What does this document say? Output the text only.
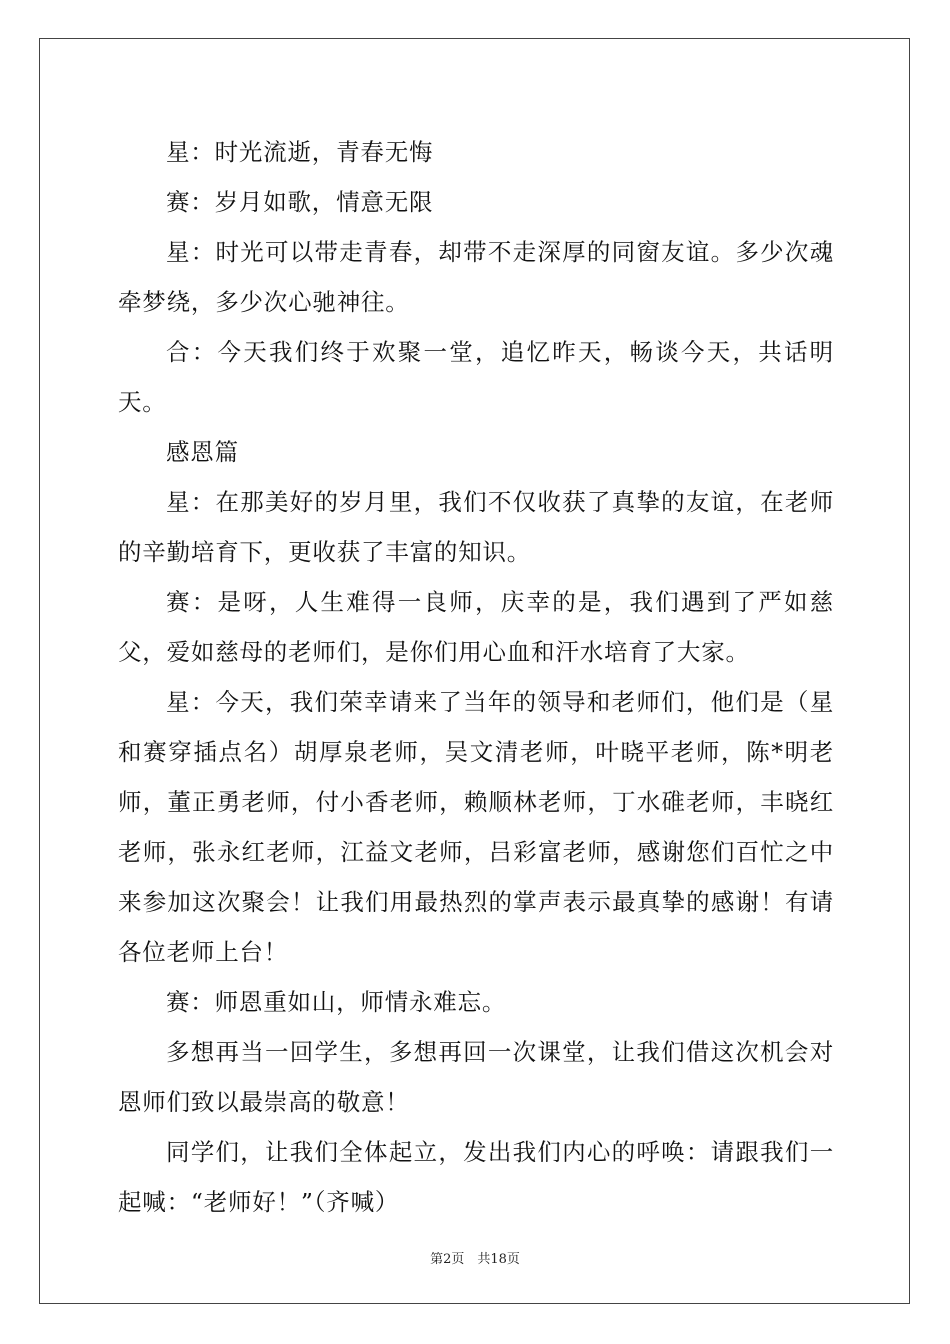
星：时光流逝，青春无悔

赛：岁月如歌，情意无限

星：时光可以带走青春，却带不走深厚的同窗友谊。多少次魂牵梦绕，多少次心驰神往。

合：今天我们终于欢聚一堂，追忆昨天，畅谈今天，共话明天。

感恩篇

星：在那美好的岁月里，我们不仅收获了真挚的友谊，在老师的辛勤培育下，更收获了丰富的知识。

赛：是呀，人生难得一良师，庆幸的是，我们遇到了严如慈父，爱如慈母的老师们，是你们用心血和汗水培育了大家。

星：今天，我们荣幸请来了当年的领导和老师们，他们是（星和赛穿插点名）胡厚泉老师，吴文清老师，叶晓平老师，陈*明老师，董正勇老师，付小香老师，赖顺林老师，丁水碓老师，丰晓红老师，张永红老师，江益文老师，吕彩富老师，感谢您们百忙之中来参加这次聚会！让我们用最热烈的掌声表示最真挚的感谢！有请各位老师上台！

赛：师恩重如山，师情永难忘。

多想再当一回学生，多想再回一次课堂，让我们借这次机会对恩师们致以最崇高的敬意！

同学们，让我们全体起立，发出我们内心的呼唤：请跟我们一起喊：“老师好！”（齐喊）

第2页　共18页
